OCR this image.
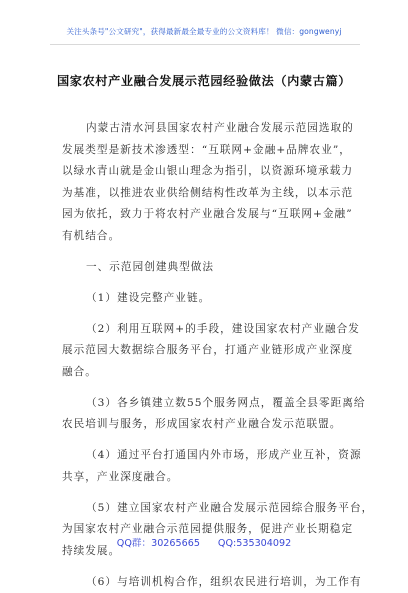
关注头条号"公文研究"，获得最新最全最专业的公文资料库！ 微信：gongwenyj
国家农村产业融合发展示范园经验做法（内蒙古篇）
内蒙古清水河县国家农村产业融合发展示范园选取的
发展类型是新技术渗透型：“互联网+金融+品牌农业”，
以绿水青山就是金山银山理念为指引，以资源环境承载力
为基准，以推进农业供给侧结构性改革为主线，以本示范
园为依托，致力于将农村产业融合发展与“互联网+金融”
有机结合。
一、示范园创建典型做法
（1）建设完整产业链。
（2）利用互联网+的手段，建设国家农村产业融合发
展示范园大数据综合服务平台，打通产业链形成产业深度
融合。
（3）各乡镇建立数55个服务网点，覆盖全县零距离给
农民培训与服务，形成国家农村产业融合发示范联盟。
（4）通过平台打通国内外市场，形成产业互补，资源
共享，产业深度融合。
（5）建立国家农村产业融合发展示范园综合服务平台，
为国家农村产业融合示范园提供服务，促进产业长期稳定
持续发展。
（6）与培训机构合作，组织农民进行培训，为工作有
QQ群：30265665 QQ:535304092
